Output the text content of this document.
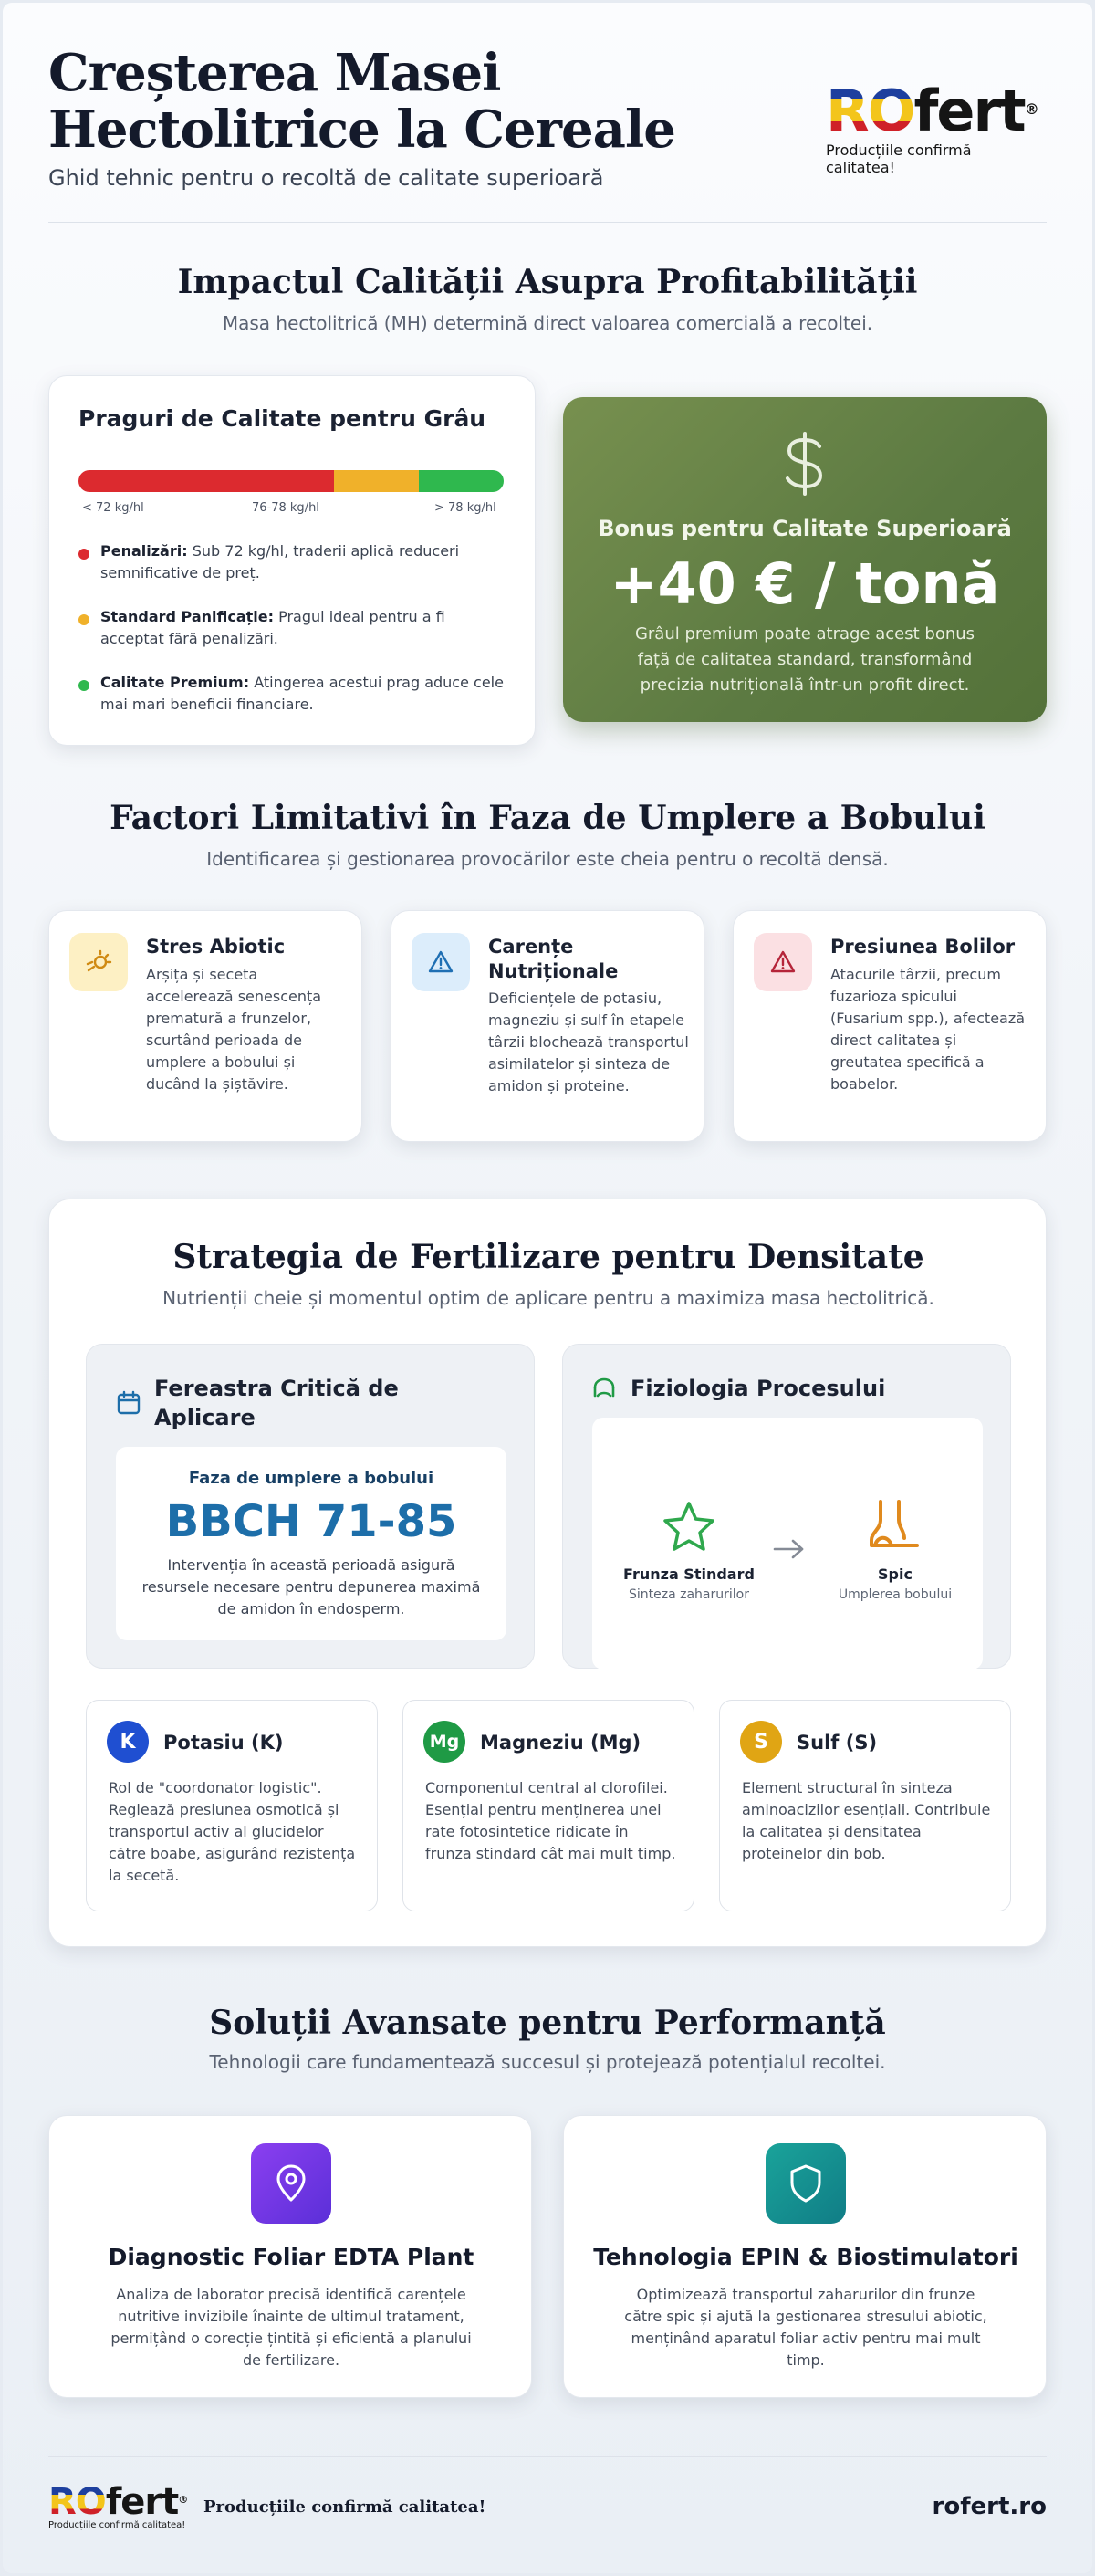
Creșterea Masei Hectolitrice la Cereale
Ghid tehnic pentru o recoltă de calitate superioară
ROfert®
Producțiile confirmă calitatea!
Impactul Calității Asupra Profitabilității
Masa hectolitrică (MH) determină direct valoarea comercială a recoltei.
Praguri de Calitate pentru Grâu
< 72 kg/hl	76-78 kg/hl	> 78 kg/hl
Penalizări: Sub 72 kg/hl, traderii aplică reduceri semnificative de preț.
Standard Panificație: Pragul ideal pentru a fi acceptat fără penalizări.
Calitate Premium: Atingerea acestui prag aduce cele mai mari beneficii financiare.
Bonus pentru Calitate Superioară
+40 € / tonă
Grâul premium poate atrage acest bonus față de calitatea standard, transformând precizia nutrițională într-un profit direct.
Factori Limitativi în Faza de Umplere a Bobului
Identificarea și gestionarea provocărilor este cheia pentru o recoltă densă.
Stres Abiotic
Arșița și seceta accelerează senescența prematură a frunzelor, scurtând perioada de umplere a bobului și ducând la șiștăvire.
Carențe Nutriționale
Deficiențele de potasiu, magneziu și sulf în etapele târzii blochează transportul asimilatelor și sinteza de amidon și proteine.
Presiunea Bolilor
Atacurile târzii, precum fuzarioza spicului (Fusarium spp.), afectează direct calitatea și greutatea specifică a boabelor.
Strategia de Fertilizare pentru Densitate
Nutrienții cheie și momentul optim de aplicare pentru a maximiza masa hectolitrică.
Fereastra Critică de Aplicare
Faza de umplere a bobului
BBCH 71-85
Intervenția în această perioadă asigură resursele necesare pentru depunerea maximă de amidon în endosperm.
Fiziologia Procesului
Frunza Stindard
Sinteza zaharurilor
Spic
Umplerea bobului
K	Potasiu (K)
Rol de "coordonator logistic". Reglează presiunea osmotică și transportul activ al glucidelor către boabe, asigurând rezistența la secetă.
Mg	Magneziu (Mg)
Componentul central al clorofilei. Esențial pentru menținerea unei rate fotosintetice ridicate în frunza stindard cât mai mult timp.
S	Sulf (S)
Element structural în sinteza aminoacizilor esențiali. Contribuie la calitatea și densitatea proteinelor din bob.
Soluții Avansate pentru Performanță
Tehnologii care fundamentează succesul și protejează potențialul recoltei.
Diagnostic Foliar EDTA Plant
Analiza de laborator precisă identifică carențele nutritive invizibile înainte de ultimul tratament, permițând o corecție țintită și eficientă a planului de fertilizare.
Tehnologia EPIN & Biostimulatori
Optimizează transportul zaharurilor din frunze către spic și ajută la gestionarea stresului abiotic, menținând aparatul foliar activ pentru mai mult timp.
ROfert®
Producțiile confirmă calitatea!
Producțiile confirmă calitatea!	rofert.ro
